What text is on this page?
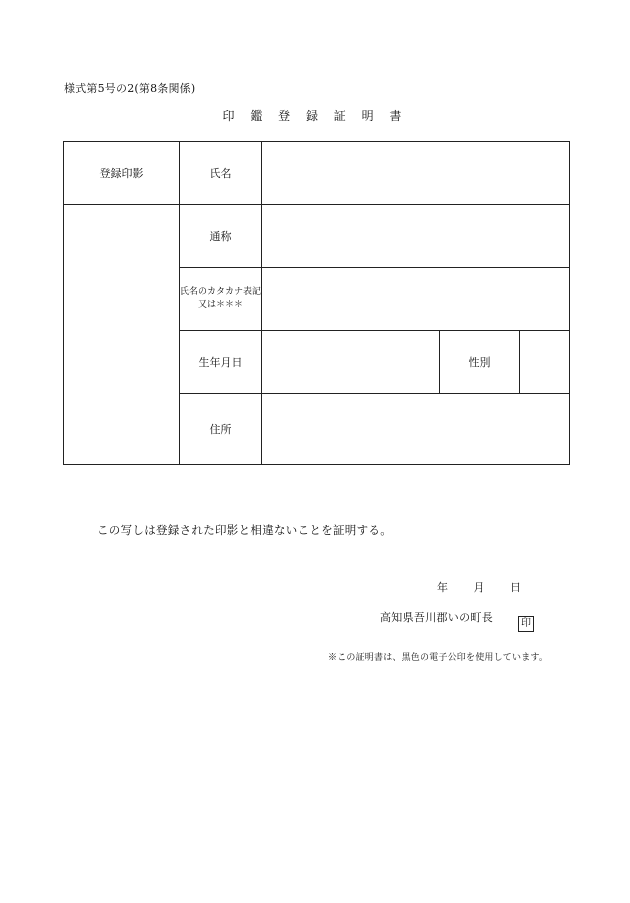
様式第5号の2(第8条関係)
印 鑑 登 録 証 明 書
登録印影	氏名			
	通称			

	氏名のカタカナ表記
又は＊＊＊			

	生年月日		性別	
	住所			
この写しは登録された印影と相違ないことを証明する。
年 月 日
高知県吾川郡いの町長	印
※この証明書は、黒色の電子公印を使用しています。
